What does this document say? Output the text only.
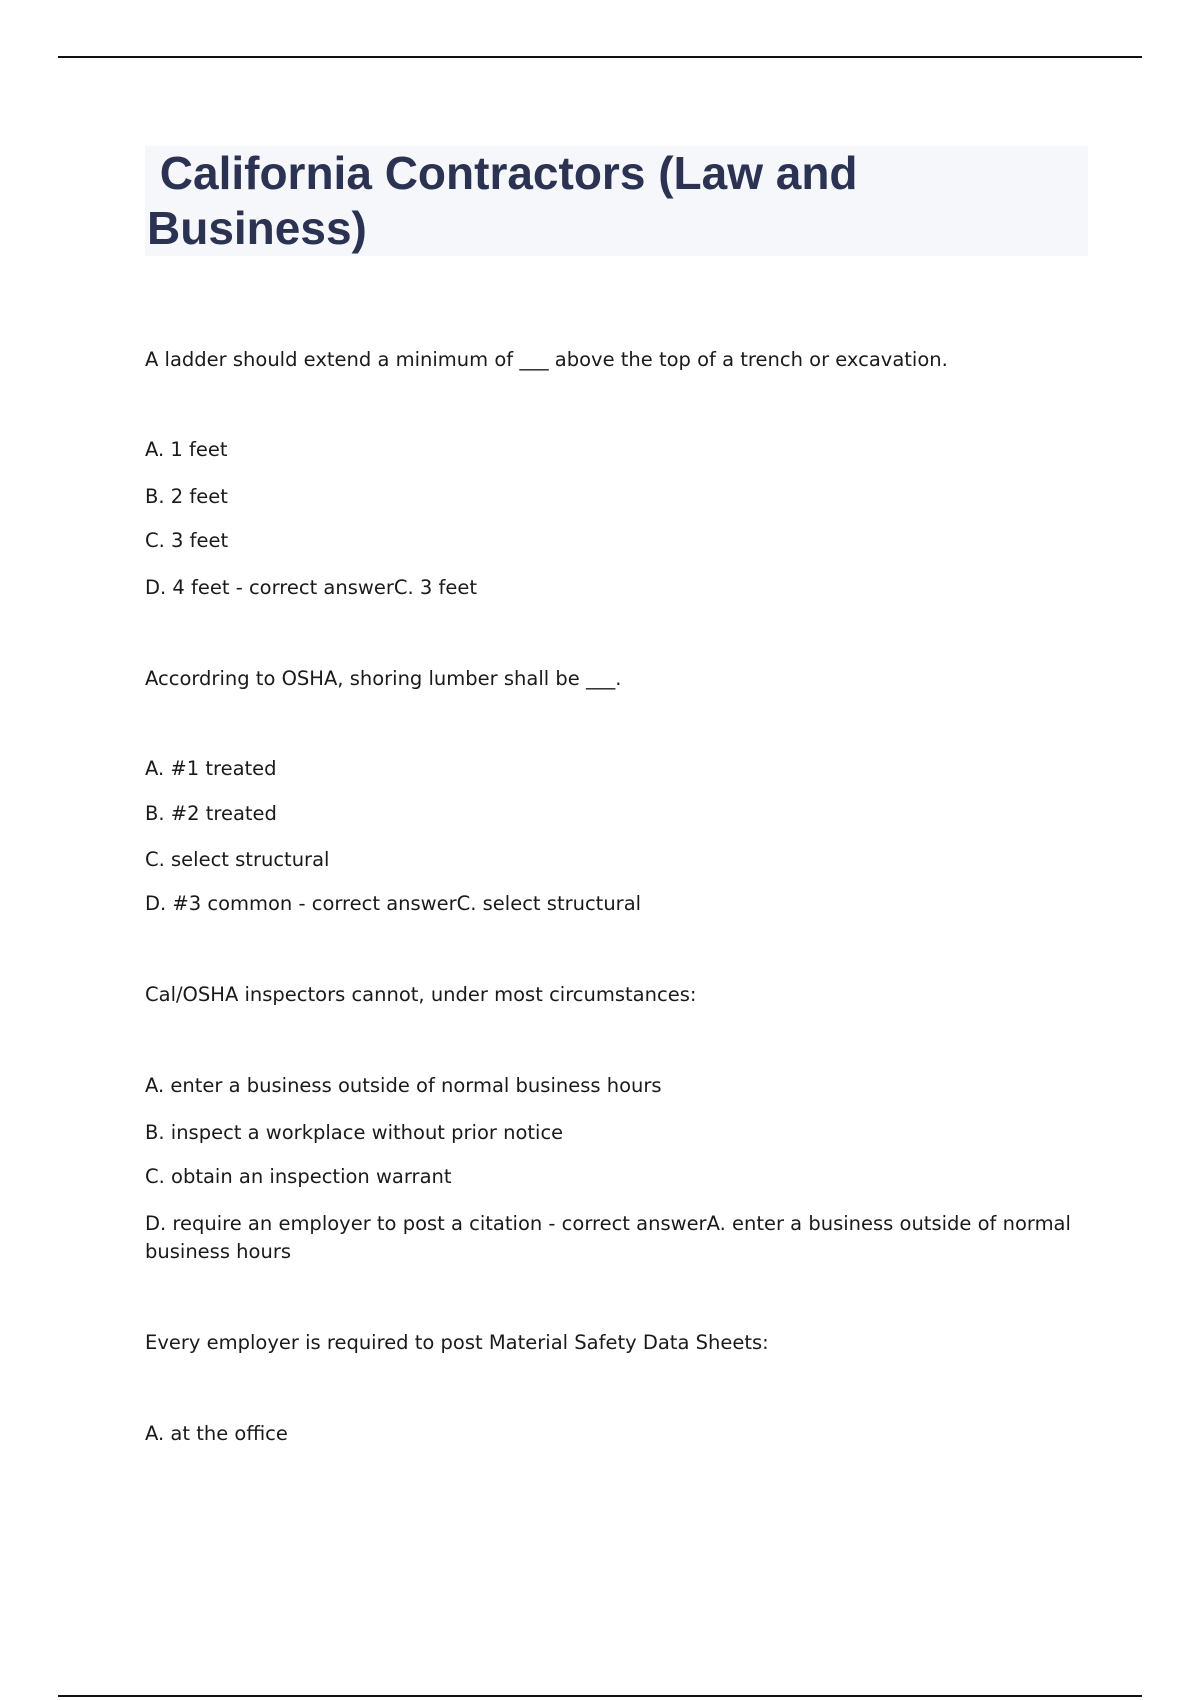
California Contractors (Law and
Business)

A ladder should extend a minimum of ___ above the top of a trench or excavation.

A. 1 feet

B. 2 feet

C. 3 feet

D. 4 feet - correct answerC. 3 feet

Accordring to OSHA, shoring lumber shall be ___.

A. #1 treated

B. #2 treated

C. select structural

D. #3 common - correct answerC. select structural

Cal/OSHA inspectors cannot, under most circumstances:

A. enter a business outside of normal business hours

B. inspect a workplace without prior notice

C. obtain an inspection warrant

D. require an employer to post a citation - correct answerA. enter a business outside of normal business hours

Every employer is required to post Material Safety Data Sheets:

A. at the office
